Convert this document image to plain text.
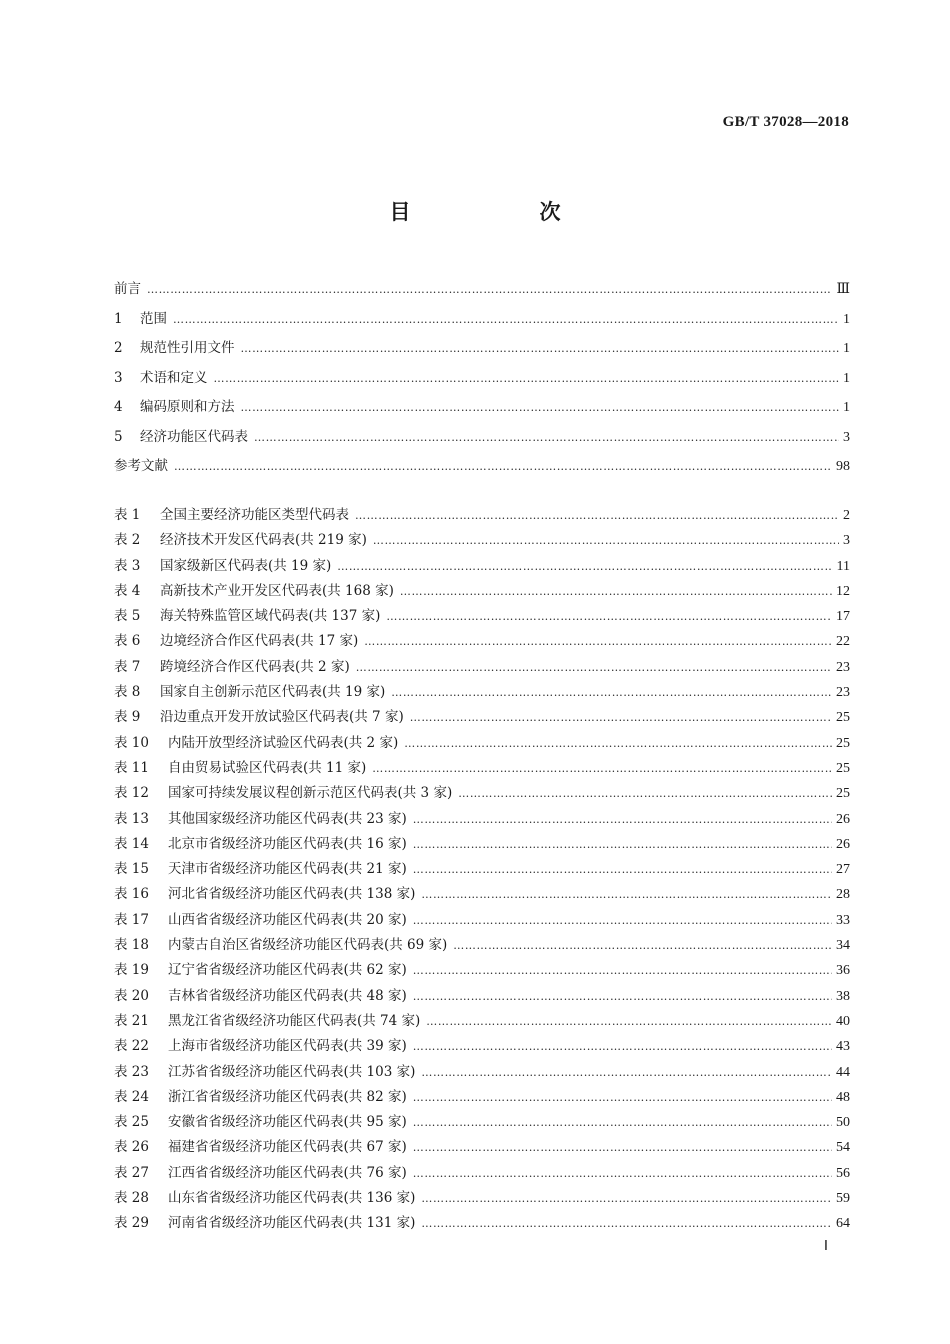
GB/T 37028—2018
目　次
前言 ……………………………………………………………………………………………………………………………………………………………………………………………………………………	Ⅲ
1	范围 ……………………………………………………………………………………………………………………………………………………………………………………………………………………	1
2	规范性引用文件 ……………………………………………………………………………………………………………………………………………………………………………………………………………………	1
3	术语和定义 ……………………………………………………………………………………………………………………………………………………………………………………………………………………	1
4	编码原则和方法 ……………………………………………………………………………………………………………………………………………………………………………………………………………………	1
5	经济功能区代码表 ……………………………………………………………………………………………………………………………………………………………………………………………………………………	3
参考文献 ……………………………………………………………………………………………………………………………………………………………………………………………………………………	98
表 1	全国主要经济功能区类型代码表 ……………………………………………………………………………………………………………………………………………………………………………………………………………………	2
表 2	经济技术开发区代码表(共 219 家) ……………………………………………………………………………………………………………………………………………………………………………………………………………………	3
表 3	国家级新区代码表(共 19 家) ……………………………………………………………………………………………………………………………………………………………………………………………………………………	11
表 4	高新技术产业开发区代码表(共 168 家) ……………………………………………………………………………………………………………………………………………………………………………………………………………………	12
表 5	海关特殊监管区域代码表(共 137 家) ……………………………………………………………………………………………………………………………………………………………………………………………………………………	17
表 6	边境经济合作区代码表(共 17 家) ……………………………………………………………………………………………………………………………………………………………………………………………………………………	22
表 7	跨境经济合作区代码表(共 2 家) ……………………………………………………………………………………………………………………………………………………………………………………………………………………	23
表 8	国家自主创新示范区代码表(共 19 家) ……………………………………………………………………………………………………………………………………………………………………………………………………………………	23
表 9	沿边重点开发开放试验区代码表(共 7 家) ……………………………………………………………………………………………………………………………………………………………………………………………………………………	25
表 10	内陆开放型经济试验区代码表(共 2 家) ……………………………………………………………………………………………………………………………………………………………………………………………………………………	25
表 11	自由贸易试验区代码表(共 11 家) ……………………………………………………………………………………………………………………………………………………………………………………………………………………	25
表 12	国家可持续发展议程创新示范区代码表(共 3 家) ……………………………………………………………………………………………………………………………………………………………………………………………………………………	25
表 13	其他国家级经济功能区代码表(共 23 家) ……………………………………………………………………………………………………………………………………………………………………………………………………………………	26
表 14	北京市省级经济功能区代码表(共 16 家) ……………………………………………………………………………………………………………………………………………………………………………………………………………………	26
表 15	天津市省级经济功能区代码表(共 21 家) ……………………………………………………………………………………………………………………………………………………………………………………………………………………	27
表 16	河北省省级经济功能区代码表(共 138 家) ……………………………………………………………………………………………………………………………………………………………………………………………………………………	28
表 17	山西省省级经济功能区代码表(共 20 家) ……………………………………………………………………………………………………………………………………………………………………………………………………………………	33
表 18	内蒙古自治区省级经济功能区代码表(共 69 家) ……………………………………………………………………………………………………………………………………………………………………………………………………………………	34
表 19	辽宁省省级经济功能区代码表(共 62 家) ……………………………………………………………………………………………………………………………………………………………………………………………………………………	36
表 20	吉林省省级经济功能区代码表(共 48 家) ……………………………………………………………………………………………………………………………………………………………………………………………………………………	38
表 21	黑龙江省省级经济功能区代码表(共 74 家) ……………………………………………………………………………………………………………………………………………………………………………………………………………………	40
表 22	上海市省级经济功能区代码表(共 39 家) ……………………………………………………………………………………………………………………………………………………………………………………………………………………	43
表 23	江苏省省级经济功能区代码表(共 103 家) ……………………………………………………………………………………………………………………………………………………………………………………………………………………	44
表 24	浙江省省级经济功能区代码表(共 82 家) ……………………………………………………………………………………………………………………………………………………………………………………………………………………	48
表 25	安徽省省级经济功能区代码表(共 95 家) ……………………………………………………………………………………………………………………………………………………………………………………………………………………	50
表 26	福建省省级经济功能区代码表(共 67 家) ……………………………………………………………………………………………………………………………………………………………………………………………………………………	54
表 27	江西省省级经济功能区代码表(共 76 家) ……………………………………………………………………………………………………………………………………………………………………………………………………………………	56
表 28	山东省省级经济功能区代码表(共 136 家) ……………………………………………………………………………………………………………………………………………………………………………………………………………………	59
表 29	河南省省级经济功能区代码表(共 131 家) ……………………………………………………………………………………………………………………………………………………………………………………………………………………	64
Ⅰ
